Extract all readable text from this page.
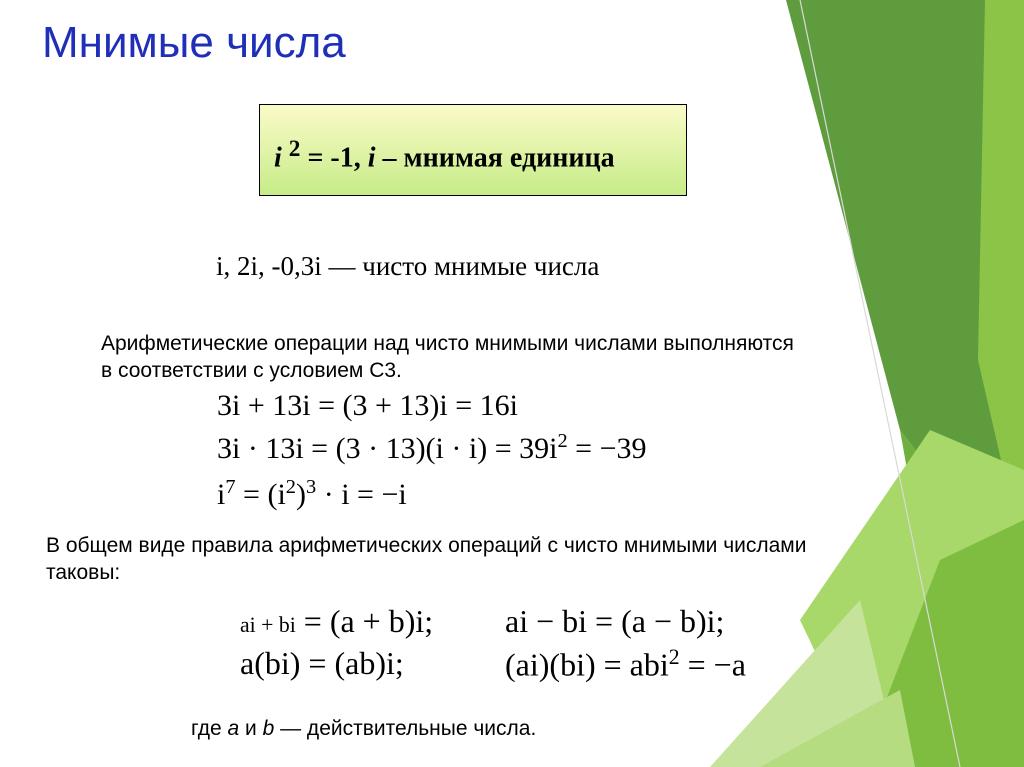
Мнимые числа
i $^2$ = -1, i – мнимая единица
i, 2i, -0,3i — чисто мнимые числа
Арифметические операции над чисто мнимыми числами выполняются в соответствии с условием С3.
3i + 13i = (3 + 13)i = 16i
$3i \cdot 13i = (3 \cdot 13)(i \cdot i) = 39i^2 = -39$
$i^7 = (i^2)^3 \cdot i = -i$
В общем виде правила арифметических операций с чисто мнимыми числами таковы:
ai + bi = (a + b)i; ai − bi = (a − b)i;
a(bi) = (ab)i;	(ai)(bi) = abi$^2$ = −a
где a и b — действительные числа.
